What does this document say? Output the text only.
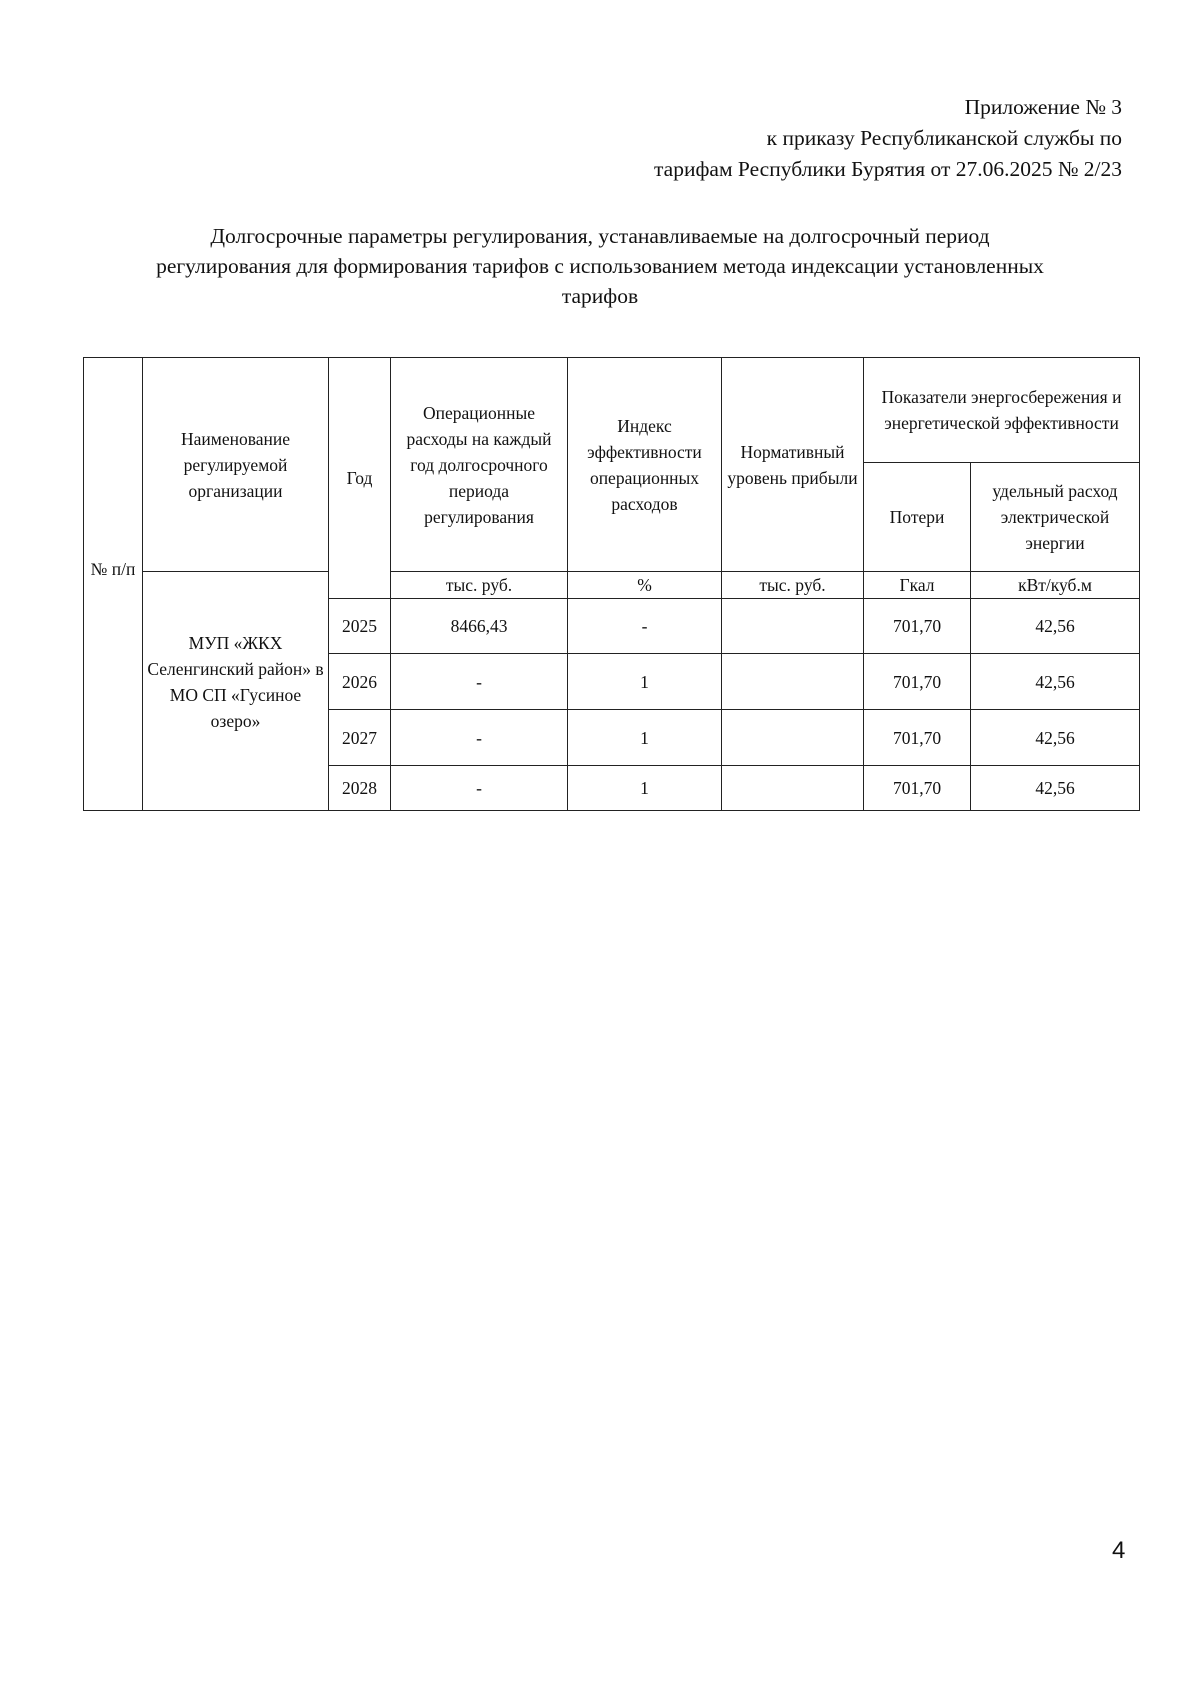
Приложение № 3
к приказу Республиканской службы по
тарифам Республики Бурятия от 27.06.2025 № 2/23
Долгосрочные параметры регулирования, устанавливаемые на долгосрочный период
регулирования для формирования тарифов с использованием метода индексации установленных
тарифов
№ п/п	Наименование регулируемой организации	Год	Операционные расходы на каждый год долгосрочного периода регулирования	Индекс эффективности операционных расходов	Нормативный уровень прибыли	Показатели энергосбережения и энергетической эффективности	
						Потери	удельный расход электрической энергии
	МУП «ЖКХ Селенгинский район» в МО СП «Гусиное озеро»		тыс. руб.	%	тыс. руб.	Гкал	кВт/куб.м
		2025	8466,43	-		701,70	42,56
		2026	-	1		701,70	42,56
		2027	-	1		701,70	42,56
		2028	-	1		701,70	42,56
4
